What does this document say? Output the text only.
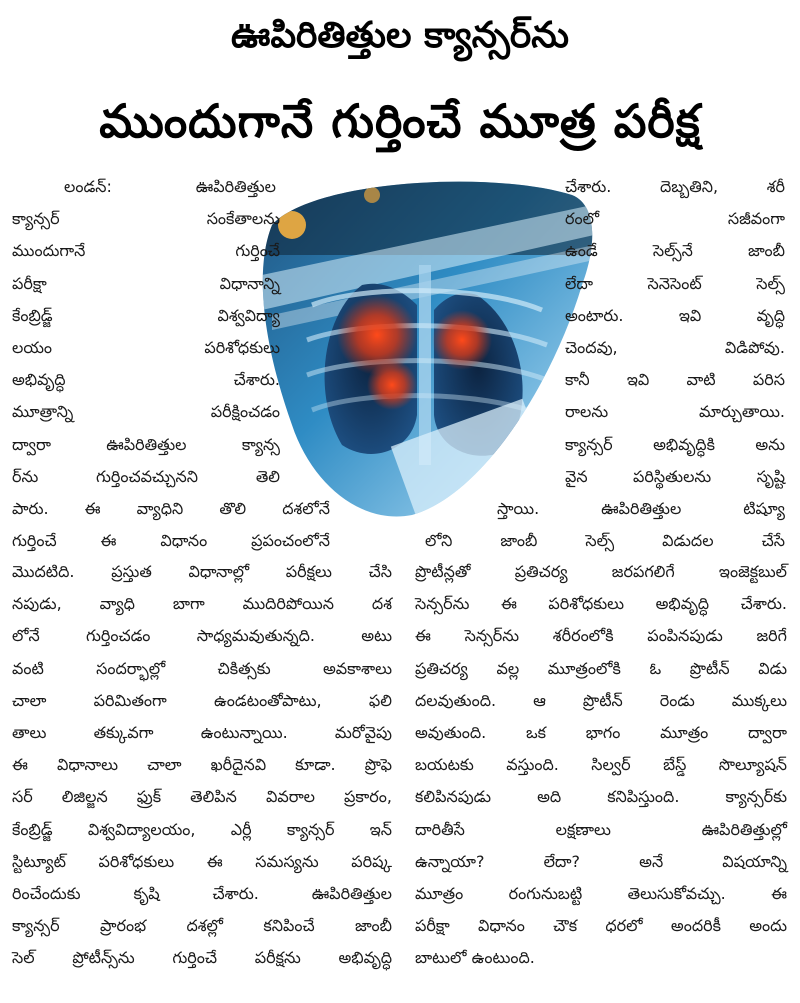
ఊపిరితిత్తుల క్యాన్సర్‌ను
ముందుగానే గుర్తించే మూత్ర పరీక్ష
లండన్‌: ఊపిరితిత్తుల
క్యాన్సర్‌ సంకేతాలను
ముందుగానే గుర్తించే
పరీక్షా విధానాన్ని
కేంబ్రిడ్జ్‌ విశ్వవిద్యా
లయం పరిశోధకులు
అభివృద్ధి చేశారు.
మూత్రాన్ని పరీక్షించడం
ద్వారా ఊపిరితిత్తుల క్యాన్స
ర్‌ను గుర్తించవచ్చునని తెలి
పారు. ఈ వ్యాధిని తొలి దశలోనే
గుర్తించే ఈ విధానం ప్రపంచంలోనే
మొదటిది. ప్రస్తుత విధానాల్లో పరీక్షలు చేసి
నపుడు, వ్యాధి బాగా ముదిరిపోయిన దశ
లోనే గుర్తించడం సాధ్యమవుతున్నది. అటు
వంటి సందర్భాల్లో చికిత్సకు అవకాశాలు
చాలా పరిమితంగా ఉండటంతోపాటు, ఫలి
తాలు తక్కువగా ఉంటున్నాయి. మరోవైపు
ఈ విధానాలు చాలా ఖరీదైనవి కూడా. ప్రొఫె
సర్‌ లిజిల్జన ఫ్రుక్‌ తెలిపిన వివరాల ప్రకారం,
కేంబ్రిడ్జ్‌ విశ్వవిద్యాలయం, ఎర్లీ క్యాన్సర్‌ ఇన్‌
స్టిట్యూట్‌ పరిశోధకులు ఈ సమస్యను పరిష్క
రించేందుకు కృషి చేశారు. ఊపిరితిత్తుల
క్యాన్సర్‌ ప్రారంభ దశల్లో కనిపించే జాంబీ
సెల్‌ ప్రోటీన్స్‌ను గుర్తించే పరీక్షను అభివృద్ధి
చేశారు. దెబ్బతిని, శరీ
రంలో సజీవంగా
ఉండే సెల్స్‌నే జాంబీ
లేదా సెనెసెంట్‌ సెల్స్‌
అంటారు. ఇవి వృద్ధి
చెందవు, విడిపోవు.
కానీ ఇవి వాటి పరిస
రాలను మార్చుతాయి.
క్యాన్సర్‌ అభివృద్ధికి అను
వైన పరిస్థితులను సృష్టి
స్తాయి. ఊపిరితిత్తుల టిష్యూ
లోని జాంబీ సెల్స్‌ విడుదల చేసే
ప్రొటీన్లతో ప్రతిచర్య జరపగలిగే ఇంజెక్టబుల్‌
సెన్సర్‌ను ఈ పరిశోధకులు అభివృద్ధి చేశారు.
ఈ సెన్సర్‌ను శరీరంలోకి పంపినపుడు జరిగే
ప్రతిచర్య వల్ల మూత్రంలోకి ఓ ప్రొటీన్‌ విడు
దలవుతుంది. ఆ ప్రొటీన్‌ రెండు ముక్కలు
అవుతుంది. ఒక భాగం మూత్రం ద్వారా
బయటకు వస్తుంది. సిల్వర్‌ బేస్డ్‌ సొల్యూషన్‌
కలిపినపుడు అది కనిపిస్తుంది. క్యాన్సర్‌కు
దారితీసే లక్షణాలు ఊపిరితిత్తుల్లో
ఉన్నాయా? లేదా? అనే విషయాన్ని
మూత్రం రంగునుబట్టి తెలుసుకోవచ్చు. ఈ
పరీక్షా విధానం చౌక ధరలో అందరికీ అందు
బాటులో ఉంటుంది.
